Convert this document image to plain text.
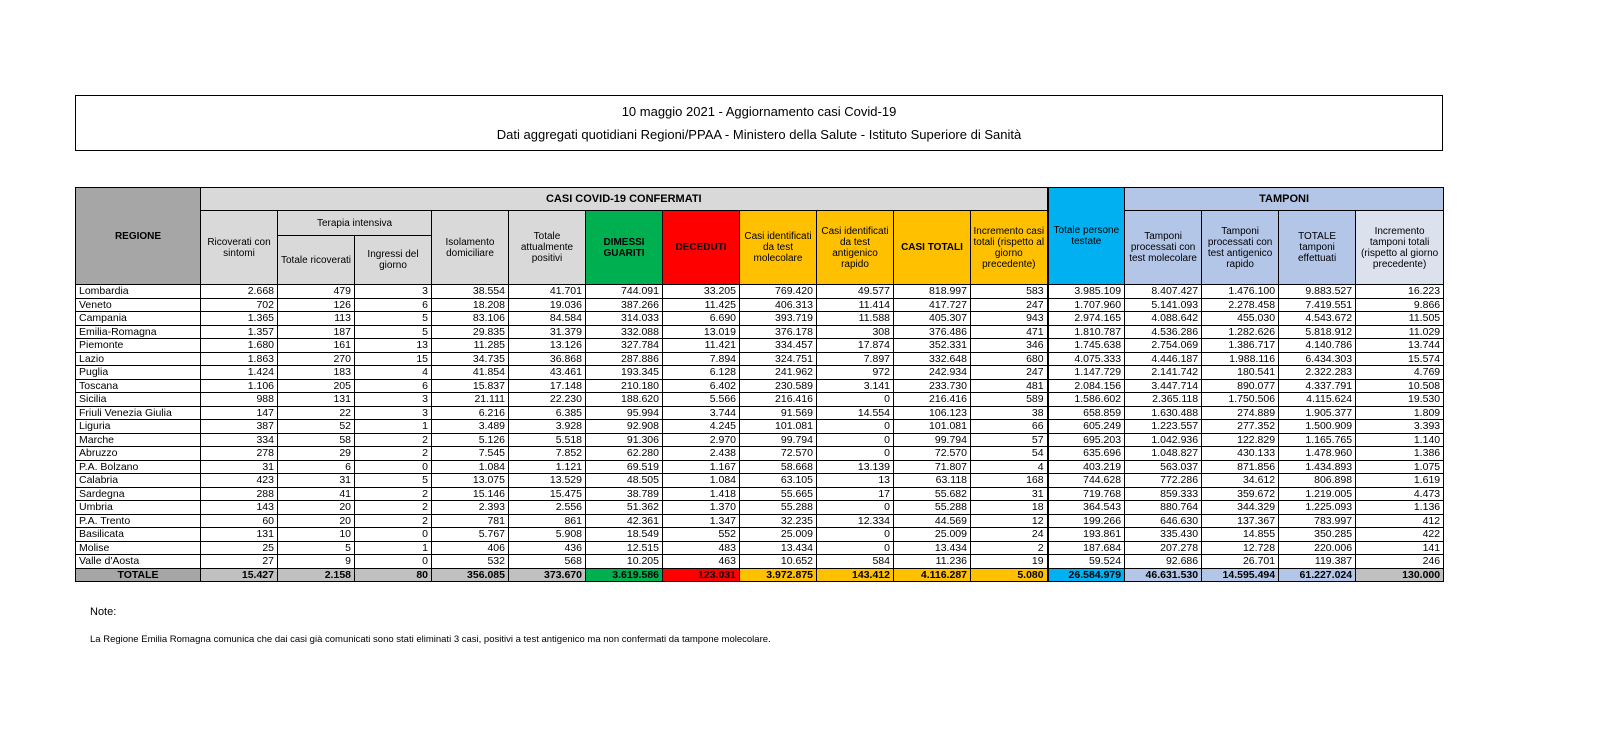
10 maggio 2021 - Aggiornamento casi Covid-19
Dati aggregati quotidiani Regioni/PPAA - Ministero della Salute - Istituto Superiore di Sanità
REGIONE	CASI COVID-19 CONFERMATI											Totale persone testate	TAMPONI			
	Ricoverati con sintomi	Terapia intensiva		Isolamento domiciliare	Totale attualmente positivi	DIMESSI GUARITI	DECEDUTI	Casi identificati da test molecolare	Casi identificati da test antigenico rapido	CASI TOTALI	Incremento casi totali (rispetto al giorno precedente)		Tamponi processati con test molecolare	Tamponi processati con test antigenico rapido	TOTALE tamponi effettuati	Incremento tamponi totali (rispetto al giorno precedente)
		Totale ricoverati	Ingressi del giorno													
Lombardia	2.668	479	3	38.554	41.701	744.091	33.205	769.420	49.577	818.997	583	3.985.109	8.407.427	1.476.100	9.883.527	16.223
Veneto	702	126	6	18.208	19.036	387.266	11.425	406.313	11.414	417.727	247	1.707.960	5.141.093	2.278.458	7.419.551	9.866
Campania	1.365	113	5	83.106	84.584	314.033	6.690	393.719	11.588	405.307	943	2.974.165	4.088.642	455.030	4.543.672	11.505
Emilia-Romagna	1.357	187	5	29.835	31.379	332.088	13.019	376.178	308	376.486	471	1.810.787	4.536.286	1.282.626	5.818.912	11.029
Piemonte	1.680	161	13	11.285	13.126	327.784	11.421	334.457	17.874	352.331	346	1.745.638	2.754.069	1.386.717	4.140.786	13.744
Lazio	1.863	270	15	34.735	36.868	287.886	7.894	324.751	7.897	332.648	680	4.075.333	4.446.187	1.988.116	6.434.303	15.574
Puglia	1.424	183	4	41.854	43.461	193.345	6.128	241.962	972	242.934	247	1.147.729	2.141.742	180.541	2.322.283	4.769
Toscana	1.106	205	6	15.837	17.148	210.180	6.402	230.589	3.141	233.730	481	2.084.156	3.447.714	890.077	4.337.791	10.508
Sicilia	988	131	3	21.111	22.230	188.620	5.566	216.416	0	216.416	589	1.586.602	2.365.118	1.750.506	4.115.624	19.530
Friuli Venezia Giulia	147	22	3	6.216	6.385	95.994	3.744	91.569	14.554	106.123	38	658.859	1.630.488	274.889	1.905.377	1.809
Liguria	387	52	1	3.489	3.928	92.908	4.245	101.081	0	101.081	66	605.249	1.223.557	277.352	1.500.909	3.393
Marche	334	58	2	5.126	5.518	91.306	2.970	99.794	0	99.794	57	695.203	1.042.936	122.829	1.165.765	1.140
Abruzzo	278	29	2	7.545	7.852	62.280	2.438	72.570	0	72.570	54	635.696	1.048.827	430.133	1.478.960	1.386
P.A. Bolzano	31	6	0	1.084	1.121	69.519	1.167	58.668	13.139	71.807	4	403.219	563.037	871.856	1.434.893	1.075
Calabria	423	31	5	13.075	13.529	48.505	1.084	63.105	13	63.118	168	744.628	772.286	34.612	806.898	1.619
Sardegna	288	41	2	15.146	15.475	38.789	1.418	55.665	17	55.682	31	719.768	859.333	359.672	1.219.005	4.473
Umbria	143	20	2	2.393	2.556	51.362	1.370	55.288	0	55.288	18	364.543	880.764	344.329	1.225.093	1.136
P.A. Trento	60	20	2	781	861	42.361	1.347	32.235	12.334	44.569	12	199.266	646.630	137.367	783.997	412
Basilicata	131	10	0	5.767	5.908	18.549	552	25.009	0	25.009	24	193.861	335.430	14.855	350.285	422
Molise	25	5	1	406	436	12.515	483	13.434	0	13.434	2	187.684	207.278	12.728	220.006	141
Valle d'Aosta	27	9	0	532	568	10.205	463	10.652	584	11.236	19	59.524	92.686	26.701	119.387	246
TOTALE	15.427	2.158	80	356.085	373.670	3.619.586	123.031	3.972.875	143.412	4.116.287	5.080	26.584.979	46.631.530	14.595.494	61.227.024	130.000
Note:
La Regione Emilia Romagna comunica che dai casi già comunicati sono stati eliminati 3 casi, positivi a test antigenico ma non confermati da tampone molecolare.
